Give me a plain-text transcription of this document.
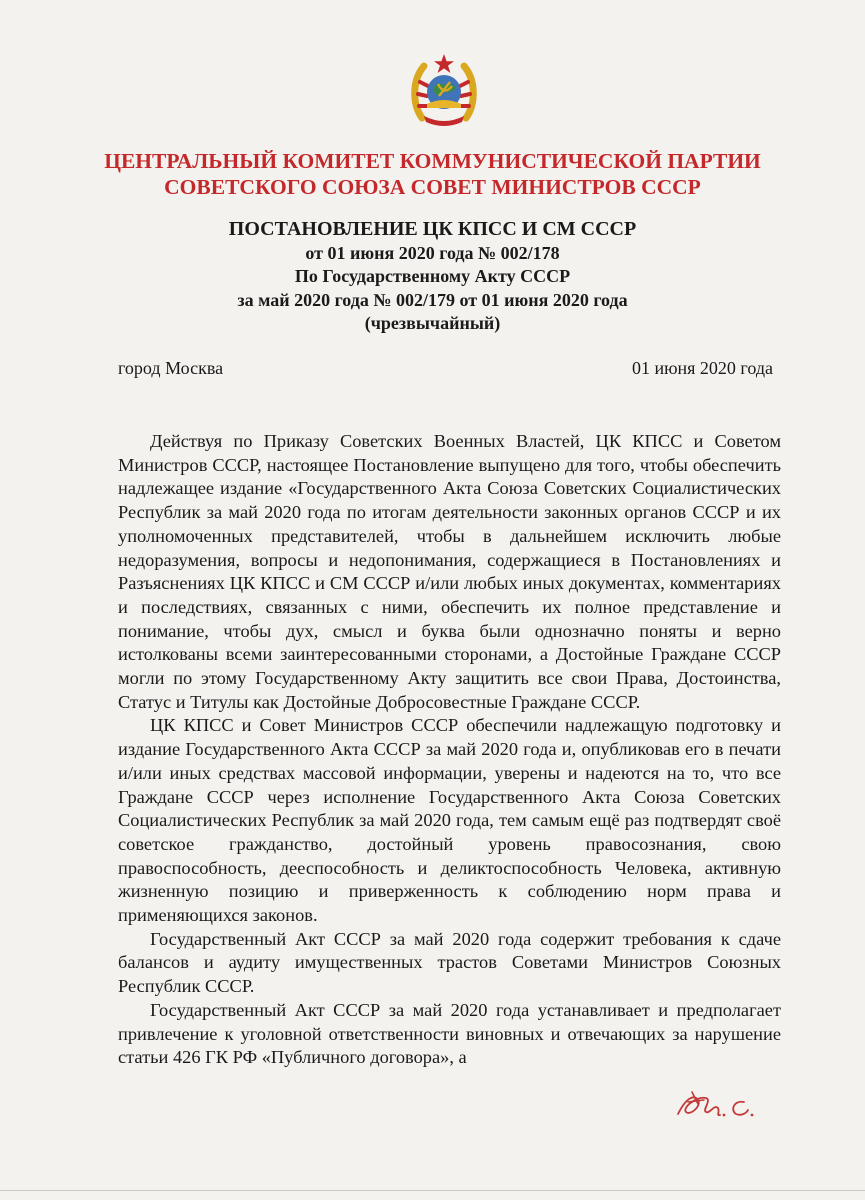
ЦЕНТРАЛЬНЫЙ КОМИТЕТ КОММУНИСТИЧЕСКОЙ ПАРТИИ
СОВЕТСКОГО СОЮЗА СОВЕТ МИНИСТРОВ СССР
ПОСТАНОВЛЕНИЕ ЦК КПСС И СМ СССР
от 01 июня 2020 года № 002/178
По Государственному Акту СССР
за май 2020 года № 002/179 от 01 июня 2020 года
(чрезвычайный)
город Москва	01 июня 2020 года

Действуя по Приказу Советских Военных Властей, ЦК КПСС и Советом Министров СССР, настоящее Постановление выпущено для того, чтобы обеспечить надлежащее издание «Государственного Акта Союза Советских Социалистических Республик за май 2020 года по итогам деятельности законных органов СССР и их уполномоченных представителей, чтобы в дальнейшем исключить любые недоразумения, вопросы и недопонимания, содержащиеся в Постановлениях и Разъяснениях ЦК КПСС и СМ СССР и/или любых иных документах, комментариях и последствиях, связанных с ними, обеспечить их полное представление и понимание, чтобы дух, смысл и буква были однозначно поняты и верно истолкованы всеми заинтересованными сторонами, а Достойные Граждане СССР могли по этому Государственному Акту защитить все свои Права, Достоинства, Статус и Титулы как Достойные Добросовестные Граждане СССР.

ЦК КПСС и Совет Министров СССР обеспечили надлежащую подготовку и издание Государственного Акта СССР за май 2020 года и, опубликовав его в печати и/или иных средствах массовой информации, уверены и надеются на то, что все Граждане СССР через исполнение Государственного Акта Союза Советских Социалистических Республик за май 2020 года, тем самым ещё раз подтвердят своё советское гражданство, достойный уровень правосознания, свою правоспособность, дееспособность и деликтоспособность Человека, активную жизненную позицию и приверженность к соблюдению норм права и применяющихся законов.

Государственный Акт СССР за май 2020 года содержит требования к сдаче балансов и аудиту имущественных трастов Советами Министров Союзных Республик СССР.

Государственный Акт СССР за май 2020 года устанавливает и предполагает привлечение к уголовной ответственности виновных и отвечающих за нарушение статьи 426 ГК РФ «Публичного договора», а
